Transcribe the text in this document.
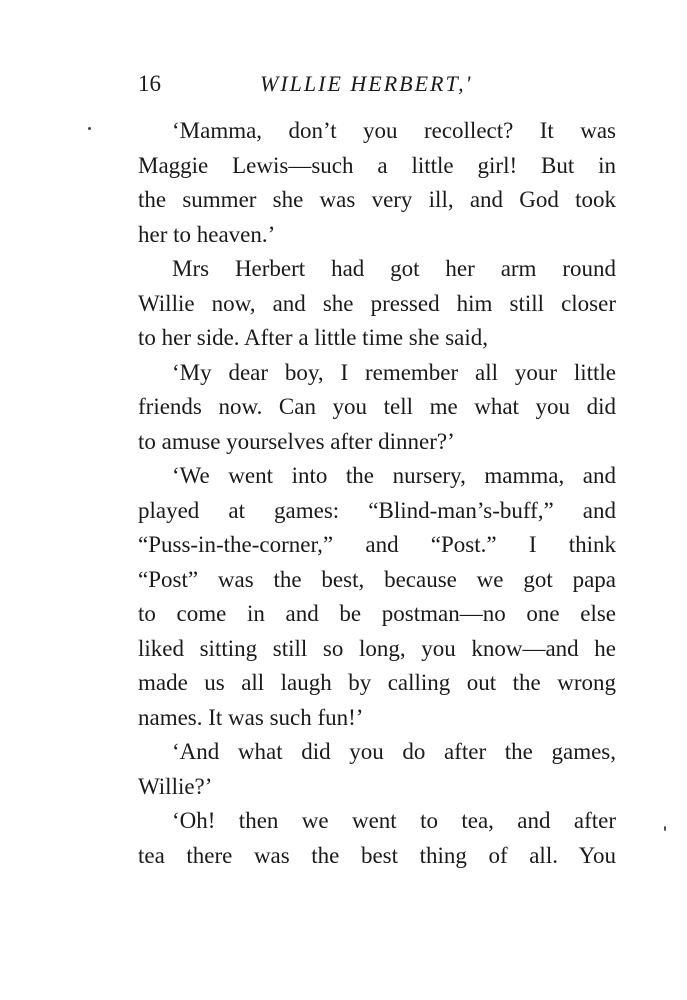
16	WILLIE HERBERT,'
‘Mamma, don’t you recollect? It was
Maggie Lewis—such a little girl! But in
the summer she was very ill, and God took
her to heaven.’
Mrs Herbert had got her arm round
Willie now, and she pressed him still closer
to her side. After a little time she said,
‘My dear boy, I remember all your little
friends now. Can you tell me what you did
to amuse yourselves after dinner?’
‘We went into the nursery, mamma, and
played at games: “Blind-man’s-buff,” and
“Puss-in-the-corner,” and “Post.” I think
“Post” was the best, because we got papa
to come in and be postman—no one else
liked sitting still so long, you know—and he
made us all laugh by calling out the wrong
names. It was such fun!’
‘And what did you do after the games,
Willie?’
‘Oh! then we went to tea, and after
tea there was the best thing of all. You
